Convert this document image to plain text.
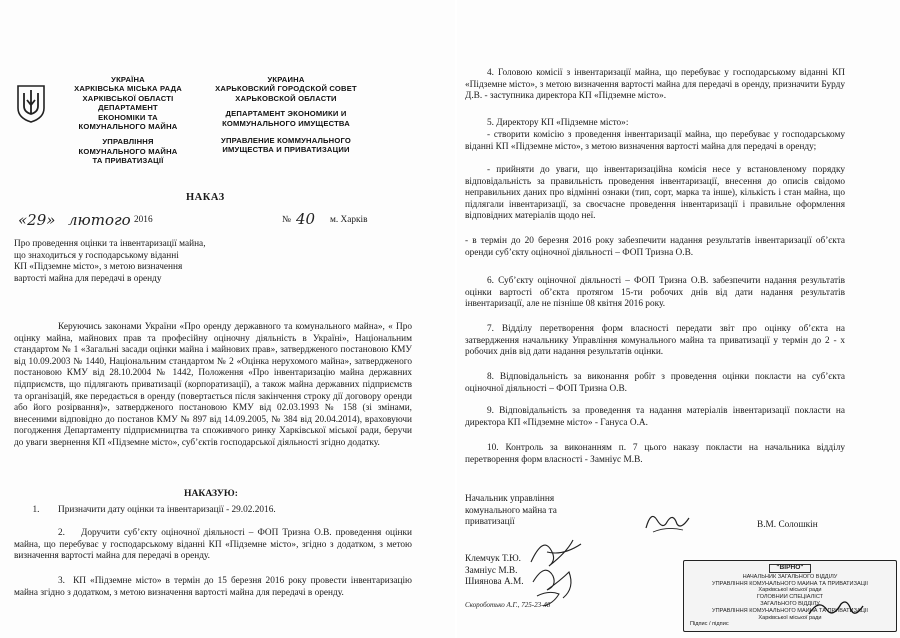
УКРАЇНА
ХАРКІВСЬКА МІСЬКА РАДА
ХАРКІВСЬКОЇ ОБЛАСТІ
ДЕПАРТАМЕНТ
ЕКОНОМІКИ ТА
КОМУНАЛЬНОГО МАЙНА
УПРАВЛІННЯ
КОМУНАЛЬНОГО МАЙНА
ТА ПРИВАТИЗАЦІЇ
УКРАИНА
ХАРЬКОВСКИЙ ГОРОДСКОЙ СОВЕТ
ХАРЬКОВСКОЙ ОБЛАСТИ
ДЕПАРТАМЕНТ ЭКОНОМИКИ И
КОММУНАЛЬНОГО ИМУЩЕСТВА
УПРАВЛЕНИЕ КОММУНАЛЬНОГО
ИМУЩЕСТВА И ПРИВАТИЗАЦИИ
НАКАЗ
«29» лютого 2016	№ 40 м. Харків
Про проведення оцінки та інвентаризації майна,
що знаходиться у господарському віданні
КП «Підземне місто», з метою визначення
вартості майна для передачі в оренду
Керуючись законами України «Про оренду державного та комунального майна», « Про оцінку майна, майнових прав та професійну оціночну діяльність в Україні», Національним стандартом № 1 «Загальні засади оцінки майна і майнових прав», затвердженого постановою КМУ від 10.09.2003 № 1440, Національним стандартом № 2 «Оцінка нерухомого майна», затвердженого постановою КМУ від 28.10.2004 № 1442, Положення «Про інвентаризацію майна державних підприємств, що підлягають приватизації (корпоратизації), а також майна державних підприємств та організацій, яке передається в оренду (повертається після закінчення строку дії договору оренди або його розірвання)», затвердженого постановою КМУ від 02.03.1993 № 158 (зі змінами, внесеними відповідно до постанов КМУ № 897 від 14.09.2005, № 384 від 20.04.2014), враховуючи погодження Департаменту підприємництва та споживчого ринку Харківської міської ради, беручи до уваги звернення КП «Підземне місто», суб’єктів господарської діяльності згідно додатку.
НАКАЗУЮ:
1. Призначити дату оцінки та інвентаризації - 29.02.2016.
2. Доручити суб’єкту оціночної діяльності – ФОП Тризна О.В. проведення оцінки майна, що перебуває у господарському віданні КП «Підземне місто», згідно з додатком, з метою визначення вартості майна для передачі в оренду.
3. КП «Підземне місто» в термін до 15 березня 2016 року провести інвентаризацію майна згідно з додатком, з метою визначення вартості майна для передачі в оренду.
4. Головою комісії з інвентаризації майна, що перебуває у господарському віданні КП «Підземне місто», з метою визначення вартості майна для передачі в оренду, призначити Бурду Д.В. - заступника директора КП «Підземне місто».
5. Директору КП «Підземне місто»:
- створити комісію з проведення інвентаризації майна, що перебуває у господарському віданні КП «Підземне місто», з метою визначення вартості майна для передачі в оренду;
- прийняти до уваги, що інвентаризаційна комісія несе у встановленому порядку відповідальність за правильність проведення інвентаризації, внесення до описів свідомо неправильних даних про відмінні ознаки (тип, сорт, марка та інше), кількість і стан майна, що підлягали інвентаризації, за своєчасне проведення інвентаризації і правильне оформлення відповідних матеріалів щодо неї.
- в термін до 20 березня 2016 року забезпечити надання результатів інвентаризації об’єкта оренди суб’єкту оціночної діяльності – ФОП Тризна О.В.
6. Суб’єкту оціночної діяльності – ФОП Тризна О.В. забезпечити надання результатів оцінки вартості об’єкта протягом 15-ти робочих днів від дати надання результатів інвентаризації, але не пізніше 08 квітня 2016 року.
7. Відділу перетворення форм власності передати звіт про оцінку об’єкта на затвердження начальнику Управління комунального майна та приватизації у термін до 2 - х робочих днів від дати надання результатів оцінки.
8. Відповідальність за виконання робіт з проведення оцінки покласти на суб’єкта оціночної діяльності – ФОП Тризна О.В.
9. Відповідальність за проведення та надання матеріалів інвентаризації покласти на директора КП «Підземне місто» - Гануса О.А.
10. Контроль за виконанням п. 7 цього наказу покласти на начальника відділу перетворення форм власності - Замніус М.В.
Начальник управління
комунального майна та
приватизації	В.М. Солошкін
Клемчук Т.Ю.
Замніус М.В.
Шиянова А.М.
Скороботько А.Г., 725-23-48
"ВІРНО"
НАЧАЛЬНИК ЗАГАЛЬНОГО ВІДДІЛУ
УПРАВЛІННЯ КОМУНАЛЬНОГО МАЙНА ТА ПРИВАТИЗАЦІЇ
Харківської міської ради
ГОЛОВНИЙ СПЕЦІАЛІСТ
ЗАГАЛЬНОГО ВІДДІЛУ
УПРАВЛІННЯ КОМУНАЛЬНОГО МАЙНА ТА ПРИВАТИЗАЦІЇ
Харківської міської ради
Підпис / підпис
